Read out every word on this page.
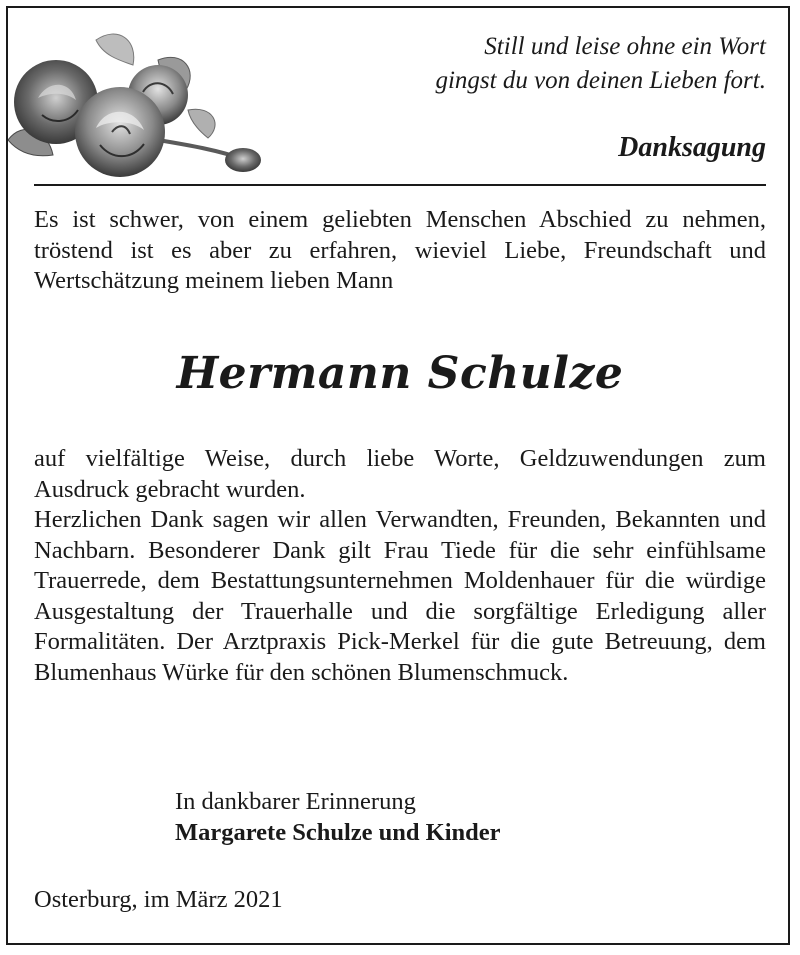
Still und leise ohne ein Wort
gingst du von deinen Lieben fort.
Danksagung
Es ist schwer, von einem geliebten Menschen Abschied zu nehmen, tröstend ist es aber zu erfahren, wieviel Liebe, Freundschaft und Wertschätzung meinem lieben Mann
Hermann Schulze
auf vielfältige Weise, durch liebe Worte, Geldzuwendungen zum Ausdruck gebracht wurden.
Herzlichen Dank sagen wir allen Verwandten, Freunden, Bekannten und Nachbarn. Besonderer Dank gilt Frau Tiede für die sehr einfühlsame Trauerrede, dem Bestattungsunternehmen Moldenhauer für die würdige Ausgestaltung der Trauerhalle und die sorgfältige Erledigung aller Formalitäten. Der Arztpraxis Pick-Merkel für die gute Betreuung, dem Blumenhaus Würke für den schönen Blumenschmuck.
In dankbarer Erinnerung
Margarete Schulze und Kinder
Osterburg, im März 2021
